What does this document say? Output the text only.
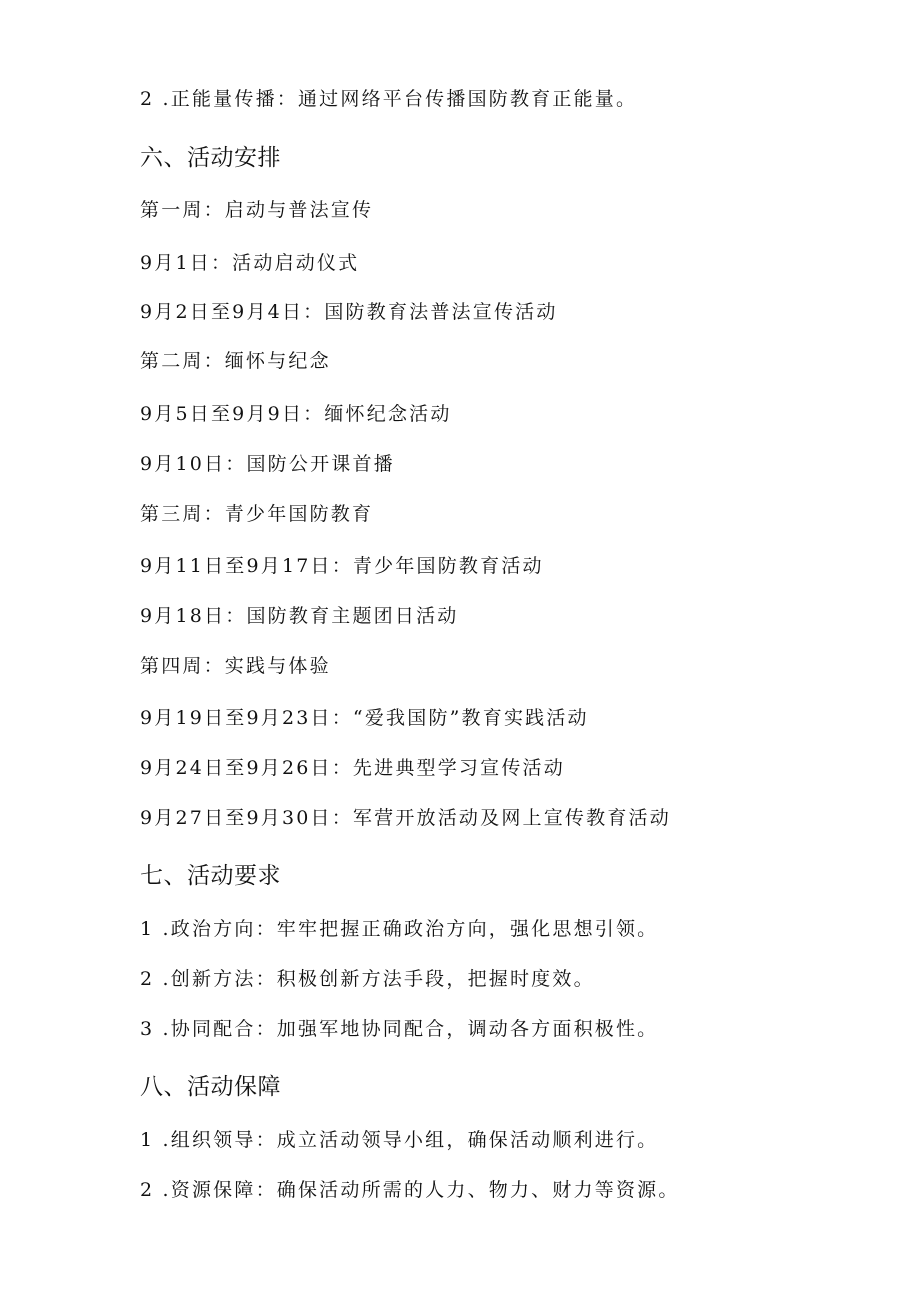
2 .正能量传播：通过网络平台传播国防教育正能量。
六、活动安排
第一周：启动与普法宣传
9月1日：活动启动仪式
9月2日至9月4日：国防教育法普法宣传活动
第二周：缅怀与纪念
9月5日至9月9日：缅怀纪念活动
9月10日：国防公开课首播
第三周：青少年国防教育
9月11日至9月17日：青少年国防教育活动
9月18日：国防教育主题团日活动
第四周：实践与体验
9月19日至9月23日：“爱我国防”教育实践活动
9月24日至9月26日：先进典型学习宣传活动
9月27日至9月30日：军营开放活动及网上宣传教育活动
七、活动要求
1 .政治方向：牢牢把握正确政治方向，强化思想引领。
2 .创新方法：积极创新方法手段，把握时度效。
3 .协同配合：加强军地协同配合，调动各方面积极性。
八、活动保障
1 .组织领导：成立活动领导小组，确保活动顺利进行。
2 .资源保障：确保活动所需的人力、物力、财力等资源。
